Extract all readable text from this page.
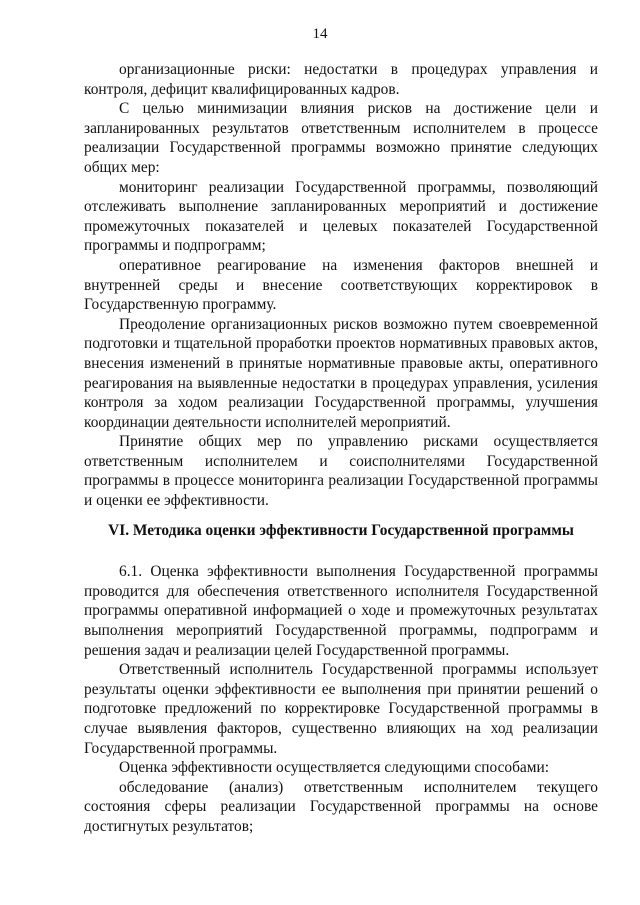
14

организационные риски: недостатки в процедурах управления и контроля, дефицит квалифицированных кадров.

С целью минимизации влияния рисков на достижение цели и запланированных результатов ответственным исполнителем в процессе реализации Государственной программы возможно принятие следующих общих мер:

мониторинг реализации Государственной программы, позволяющий отслеживать выполнение запланированных мероприятий и достижение промежуточных показателей и целевых показателей Государственной программы и подпрограмм;

оперативное реагирование на изменения факторов внешней и внутренней среды и внесение соответствующих корректировок в Государственную программу.

Преодоление организационных рисков возможно путем своевременной подготовки и тщательной проработки проектов нормативных правовых актов, внесения изменений в принятые нормативные правовые акты, оперативного реагирования на выявленные недостатки в процедурах управления, усиления контроля за ходом реализации Государственной программы, улучшения координации деятельности исполнителей мероприятий.

Принятие общих мер по управлению рисками осуществляется ответственным исполнителем и соисполнителями Государственной программы в процессе мониторинга реализации Государственной программы и оценки ее эффективности.

VI. Методика оценки эффективности Государственной программы

6.1. Оценка эффективности выполнения Государственной программы проводится для обеспечения ответственного исполнителя Государственной программы оперативной информацией о ходе и промежуточных результатах выполнения мероприятий Государственной программы, подпрограмм и решения задач и реализации целей Государственной программы.

Ответственный исполнитель Государственной программы использует результаты оценки эффективности ее выполнения при принятии решений о подготовке предложений по корректировке Государственной программы в случае выявления факторов, существенно влияющих на ход реализации Государственной программы.

Оценка эффективности осуществляется следующими способами:

обследование (анализ) ответственным исполнителем текущего состояния сферы реализации Государственной программы на основе достигнутых результатов;
